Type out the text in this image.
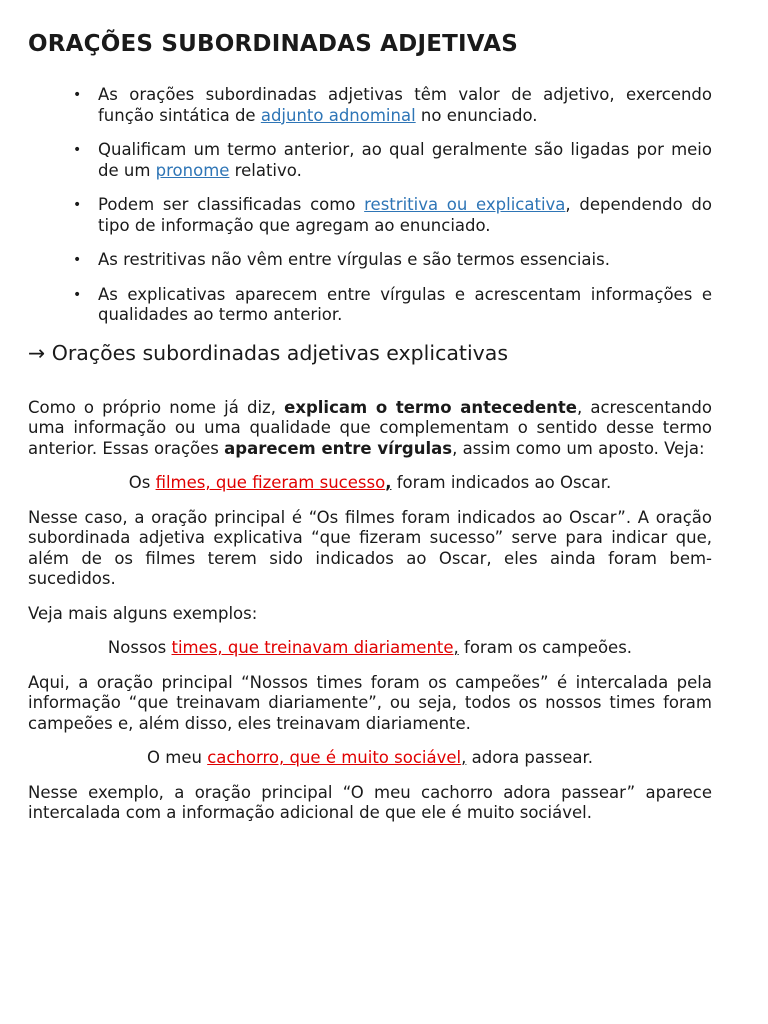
ORAÇÕES SUBORDINADAS ADJETIVAS
• As orações subordinadas adjetivas têm valor de adjetivo, exercendo função sintática de adjunto adnominal no enunciado.
• Qualificam um termo anterior, ao qual geralmente são ligadas por meio de um pronome relativo.
• Podem ser classificadas como restritiva ou explicativa, dependendo do tipo de informação que agregam ao enunciado.
• As restritivas não vêm entre vírgulas e são termos essenciais.
• As explicativas aparecem entre vírgulas e acrescentam informações e qualidades ao termo anterior.
→ Orações subordinadas adjetivas explicativas

Como o próprio nome já diz, explicam o termo antecedente, acrescentando uma informação ou uma qualidade que complementam o sentido desse termo anterior. Essas orações aparecem entre vírgulas, assim como um aposto. Veja:

Os filmes, que fizeram sucesso, foram indicados ao Oscar.

Nesse caso, a oração principal é “Os filmes foram indicados ao Oscar”. A oração subordinada adjetiva explicativa “que fizeram sucesso” serve para indicar que, além de os filmes terem sido indicados ao Oscar, eles ainda foram bem-sucedidos.

Veja mais alguns exemplos:

Nossos times, que treinavam diariamente, foram os campeões.

Aqui, a oração principal “Nossos times foram os campeões” é intercalada pela informação “que treinavam diariamente”, ou seja, todos os nossos times foram campeões e, além disso, eles treinavam diariamente.

O meu cachorro, que é muito sociável, adora passear.

Nesse exemplo, a oração principal “O meu cachorro adora passear” aparece intercalada com a informação adicional de que ele é muito sociável.
